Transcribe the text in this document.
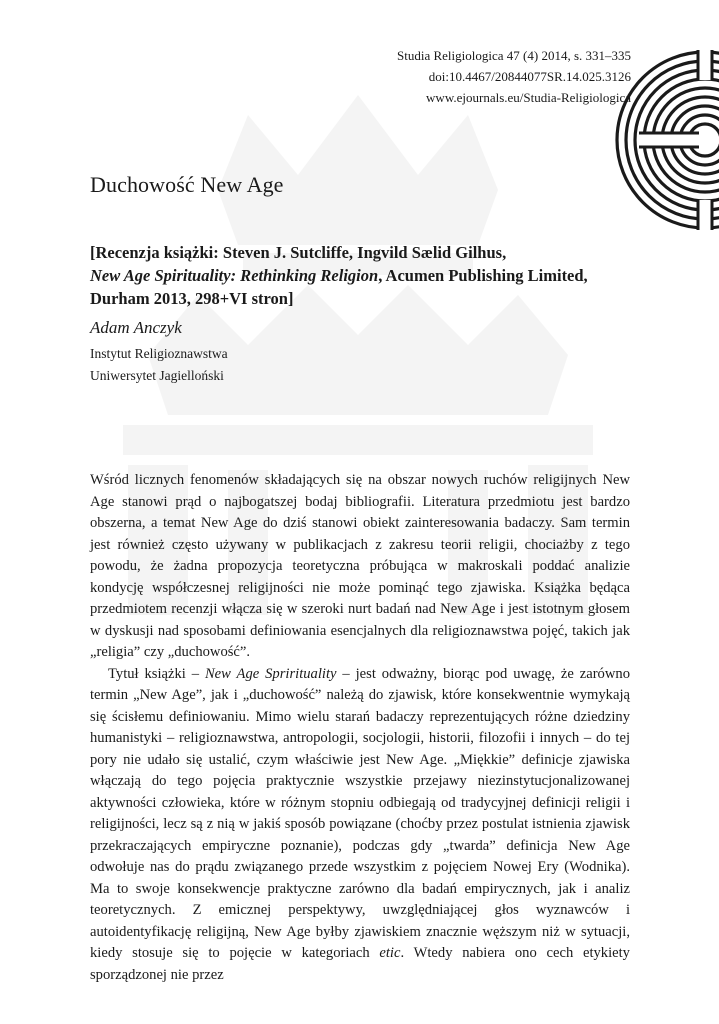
Studia Religiologica 47 (4) 2014, s. 331–335
doi:10.4467/20844077SR.14.025.3126
www.ejournals.eu/Studia-Religiologica
Duchowość New Age
[Recenzja książki: Steven J. Sutcliffe, Ingvild Sælid Gilhus,
New Age Spirituality: Rethinking Religion, Acumen Publishing Limited,
Durham 2013, 298+VI stron]
Adam Anczyk
Instytut Religioznawstwa
Uniwersytet Jagielloński

Wśród licznych fenomenów składających się na obszar nowych ruchów religijnych New Age stanowi prąd o najbogatszej bodaj bibliografii. Literatura przedmiotu jest bardzo obszerna, a temat New Age do dziś stanowi obiekt zainteresowania badaczy. Sam termin jest również często używany w publikacjach z zakresu teorii religii, chociażby z tego powodu, że żadna propozycja teoretyczna próbująca w makroskali poddać analizie kondycję współczesnej religijności nie może pominąć tego zjawiska. Książka będąca przedmiotem recenzji włącza się w szeroki nurt badań nad New Age i jest istotnym głosem w dyskusji nad sposobami definiowania esencjalnych dla religioznawstwa pojęć, takich jak „religia” czy „duchowość”.

Tytuł książki – New Age Sprirituality – jest odważny, biorąc pod uwagę, że zarówno termin „New Age”, jak i „duchowość” należą do zjawisk, które konsekwentnie wymykają się ścisłemu definiowaniu. Mimo wielu starań badaczy reprezentujących różne dziedziny humanistyki – religioznawstwa, antropologii, socjologii, historii, filozofii i innych – do tej pory nie udało się ustalić, czym właściwie jest New Age. „Miękkie” definicje zjawiska włączają do tego pojęcia praktycznie wszystkie przejawy niezinstytucjonalizowanej aktywności człowieka, które w różnym stopniu odbiegają od tradycyjnej definicji religii i religijności, lecz są z nią w jakiś sposób powiązane (choćby przez postulat istnienia zjawisk przekraczających empiryczne poznanie), podczas gdy „twarda” definicja New Age odwołuje nas do prądu związanego przede wszystkim z pojęciem Nowej Ery (Wodnika). Ma to swoje konsekwencje praktyczne zarówno dla badań empirycznych, jak i analiz teoretycznych. Z emicznej perspektywy, uwzględniającej głos wyznawców i autoidentyfikację religijną, New Age byłby zjawiskiem znacznie węższym niż w sytuacji, kiedy stosuje się to pojęcie w kategoriach etic. Wtedy nabiera ono cech etykiety sporządzonej nie przez
